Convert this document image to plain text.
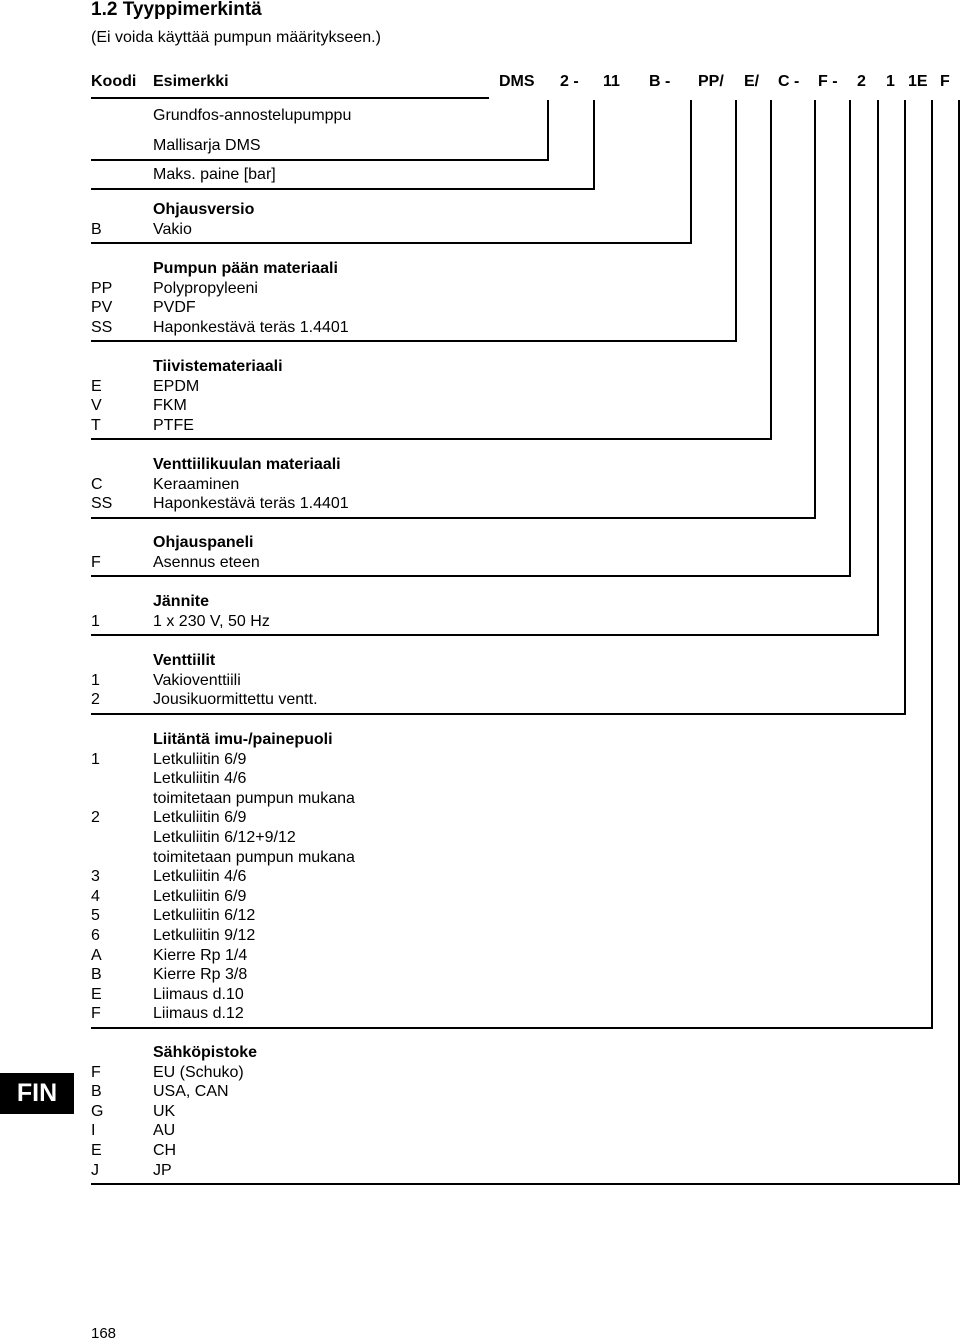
1.2 Tyyppimerkintä
(Ei voida käyttää pumpun määritykseen.)
Koodi Esimerkki	DMS 2 - 11 B - PP/ E/ C - F - 2 1 1E F
Grundfos-annostelupumppu
Mallisarja DMS
Maks. paine [bar]
Ohjausversio
B	Vakio
Pumpun pään materiaali
PP	Polypropyleeni
PV	PVDF
SS	Haponkestävä teräs 1.4401
Tiivistemateriaali
E	EPDM
V	FKM
T	PTFE
Venttiilikuulan materiaali
C	Keraaminen
SS	Haponkestävä teräs 1.4401
Ohjauspaneli
F	Asennus eteen
Jännite
1	1 x 230 V, 50 Hz
Venttiilit
1	Vakioventtiili
2	Jousikuormittettu ventt.
Liitäntä imu-/painepuoli
1	Letkuliitin 6/9
Letkuliitin 4/6
toimitetaan pumpun mukana
2	Letkuliitin 6/9
Letkuliitin 6/12+9/12
toimitetaan pumpun mukana
3	Letkuliitin 4/6
4	Letkuliitin 6/9
5	Letkuliitin 6/12
6	Letkuliitin 9/12
A	Kierre Rp 1/4
B	Kierre Rp 3/8
E	Liimaus d.10
F	Liimaus d.12
Sähköpistoke
F	EU (Schuko)
B	USA, CAN
G	UK
I	AU
E	CH
J	JP
FIN
168
